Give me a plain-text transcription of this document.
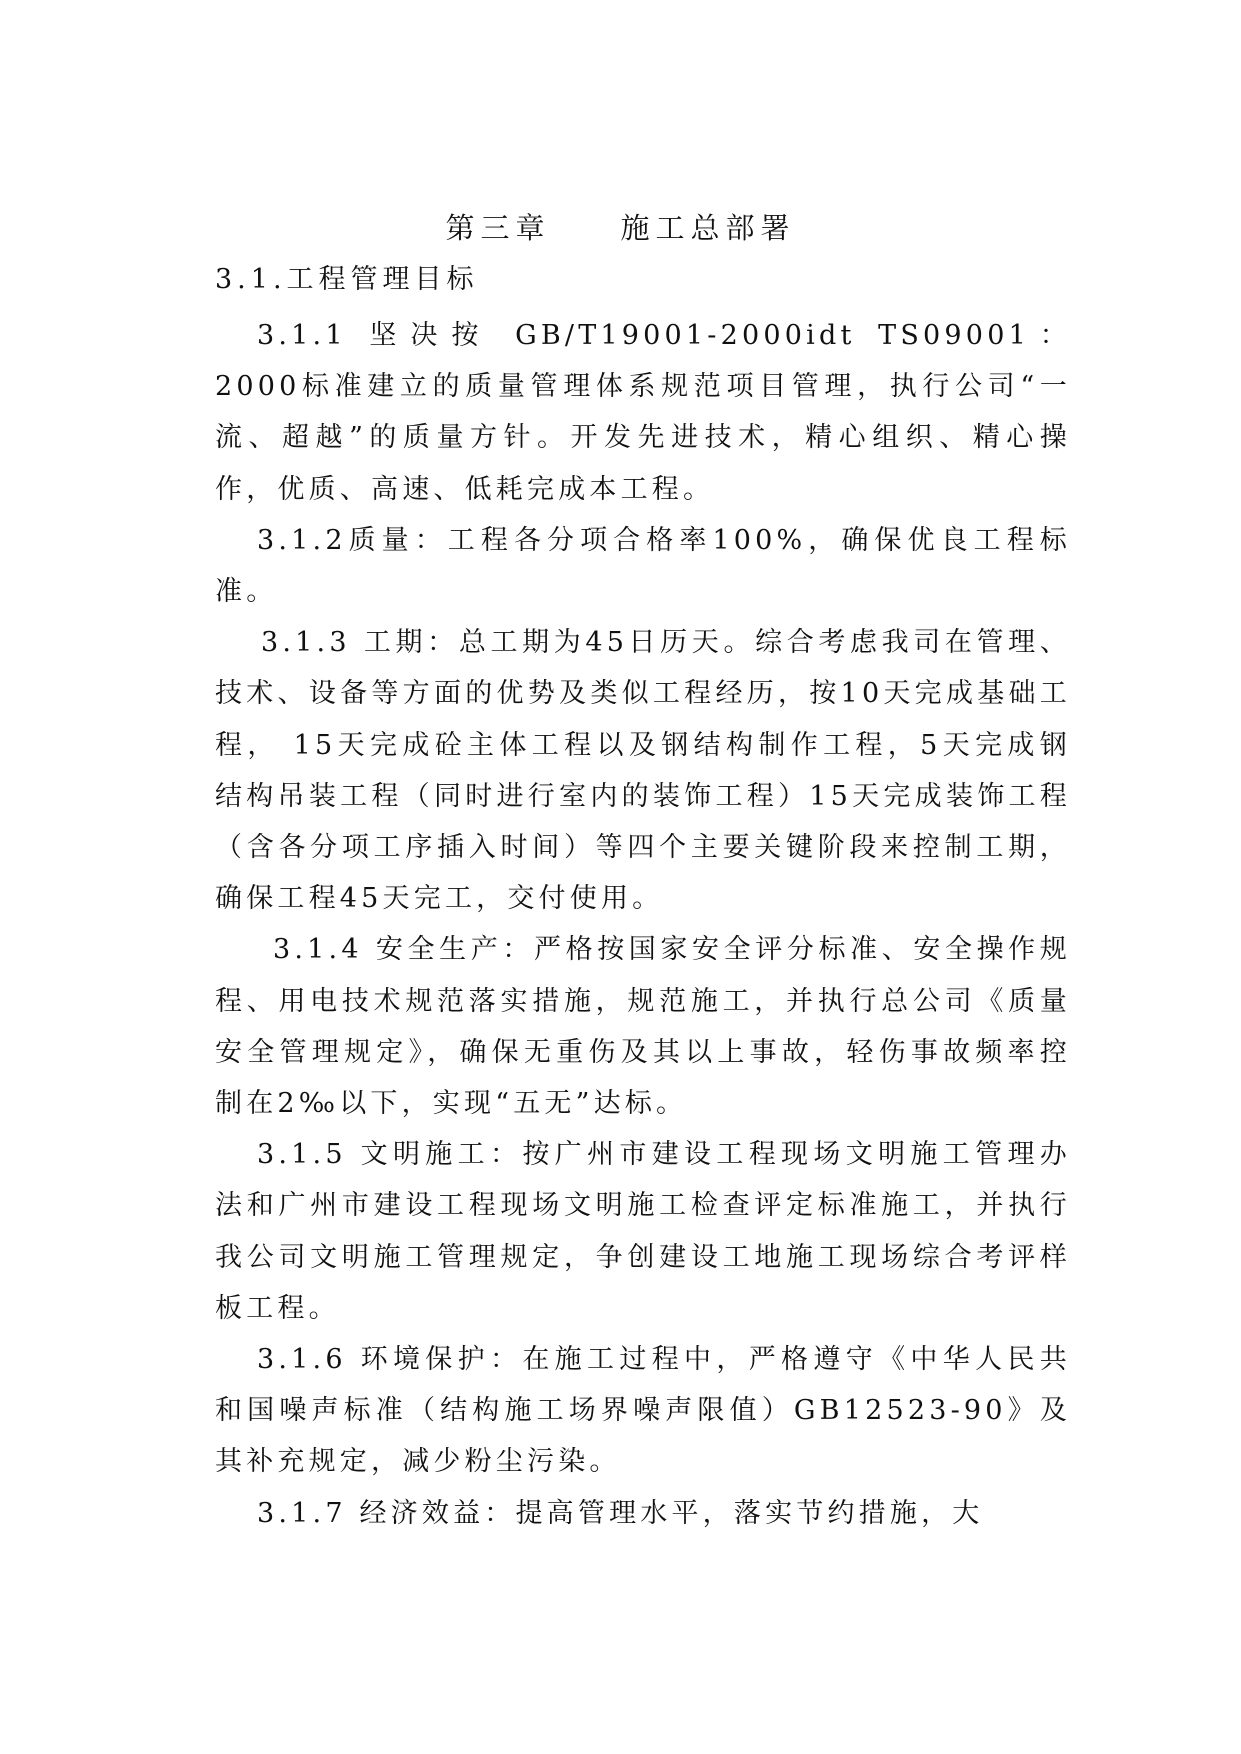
第三章　　施工总部署
3.1.工程管理目标

3.1.1 坚决按 GB/T19001-2000idt TS09001：2000标准建立的质量管理体系规范项目管理，执行公司“一流、超越”的质量方针。开发先进技术，精心组织、精心操作，优质、高速、低耗完成本工程。

3.1.2质量：工程各分项合格率100%，确保优良工程标准。

3.1.3 工期：总工期为45日历天。综合考虑我司在管理、技术、设备等方面的优势及类似工程经历，按10天完成基础工程， 15天完成砼主体工程以及钢结构制作工程，5天完成钢结构吊装工程（同时进行室内的装饰工程）15天完成装饰工程（含各分项工序插入时间）等四个主要关键阶段来控制工期，确保工程45天完工，交付使用。

3.1.4 安全生产：严格按国家安全评分标准、安全操作规程、用电技术规范落实措施，规范施工，并执行总公司《质量安全管理规定》，确保无重伤及其以上事故，轻伤事故频率控制在2‰以下，实现“五无”达标。

3.1.5 文明施工：按广州市建设工程现场文明施工管理办法和广州市建设工程现场文明施工检查评定标准施工，并执行我公司文明施工管理规定，争创建设工地施工现场综合考评样板工程。

3.1.6 环境保护：在施工过程中，严格遵守《中华人民共和国噪声标准（结构施工场界噪声限值）GB12523-90》及其补充规定，减少粉尘污染。

3.1.7 经济效益：提高管理水平，落实节约措施，大
